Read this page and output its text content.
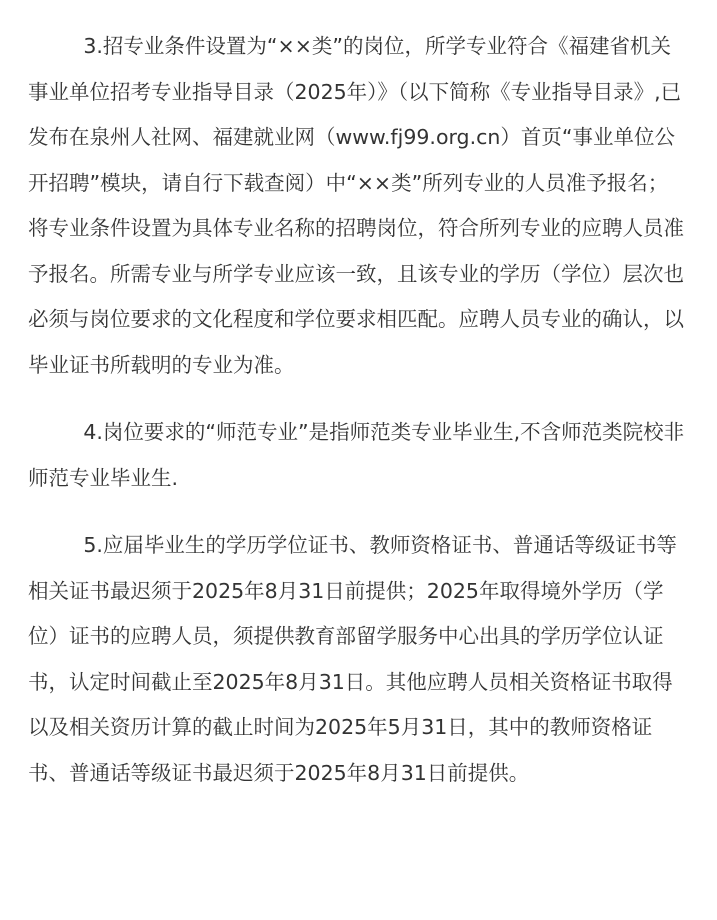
3.招专业条件设置为“××类”的岗位，所学专业符合《福建省机关事业单位招考专业指导目录（2025年）》（以下简称《专业指导目录》,已发布在泉州人社网、福建就业网（www.fj99.org.cn）首页“事业单位公开招聘”模块，请自行下载查阅）中“××类”所列专业的人员准予报名；将专业条件设置为具体专业名称的招聘岗位，符合所列专业的应聘人员准予报名。所需专业与所学专业应该一致，且该专业的学历（学位）层次也必须与岗位要求的文化程度和学位要求相匹配。应聘人员专业的确认，以毕业证书所载明的专业为准。

4.岗位要求的“师范专业”是指师范类专业毕业生,不含师范类院校非师范专业毕业生.

5.应届毕业生的学历学位证书、教师资格证书、普通话等级证书等相关证书最迟须于2025年8月31日前提供；2025年取得境外学历（学位）证书的应聘人员，须提供教育部留学服务中心出具的学历学位认证书，认定时间截止至2025年8月31日。其他应聘人员相关资格证书取得以及相关资历计算的截止时间为2025年5月31日，其中的教师资格证书、普通话等级证书最迟须于2025年8月31日前提供。
